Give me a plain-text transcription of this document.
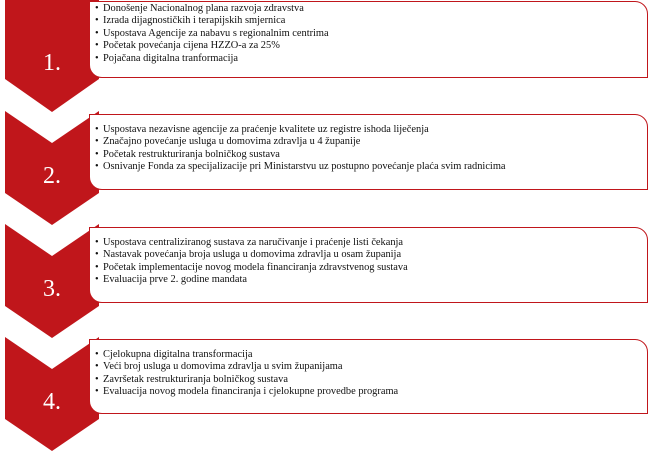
1.
2.
3.
4.
• Donošenje Nacionalnog plana razvoja zdravstva
• Izrada dijagnostičkih i terapijskih smjernica
• Uspostava Agencije za nabavu s regionalnim centrima
• Početak povećanja cijena HZZO-a za 25%
• Pojačana digitalna tranformacija
• Uspostava nezavisne agencije za praćenje kvalitete uz registre ishoda liječenja
• Značajno povećanje usluga u domovima zdravlja u 4 županije
• Početak restrukturiranja bolničkog sustava
• Osnivanje Fonda za specijalizacije pri Ministarstvu uz postupno povećanje plaća svim radnicima
• Uspostava centraliziranog sustava za naručivanje i praćenje listi čekanja
• Nastavak povećanja broja usluga u domovima zdravlja u osam županija
• Početak implementacije novog modela financiranja zdravstvenog sustava
• Evaluacija prve 2. godine mandata
• Cjelokupna digitalna transformacija
• Veći broj usluga u domovima zdravlja u svim županijama
• Završetak restrukturiranja bolničkog sustava
• Evaluacija novog modela financiranja i cjelokupne provedbe programa
